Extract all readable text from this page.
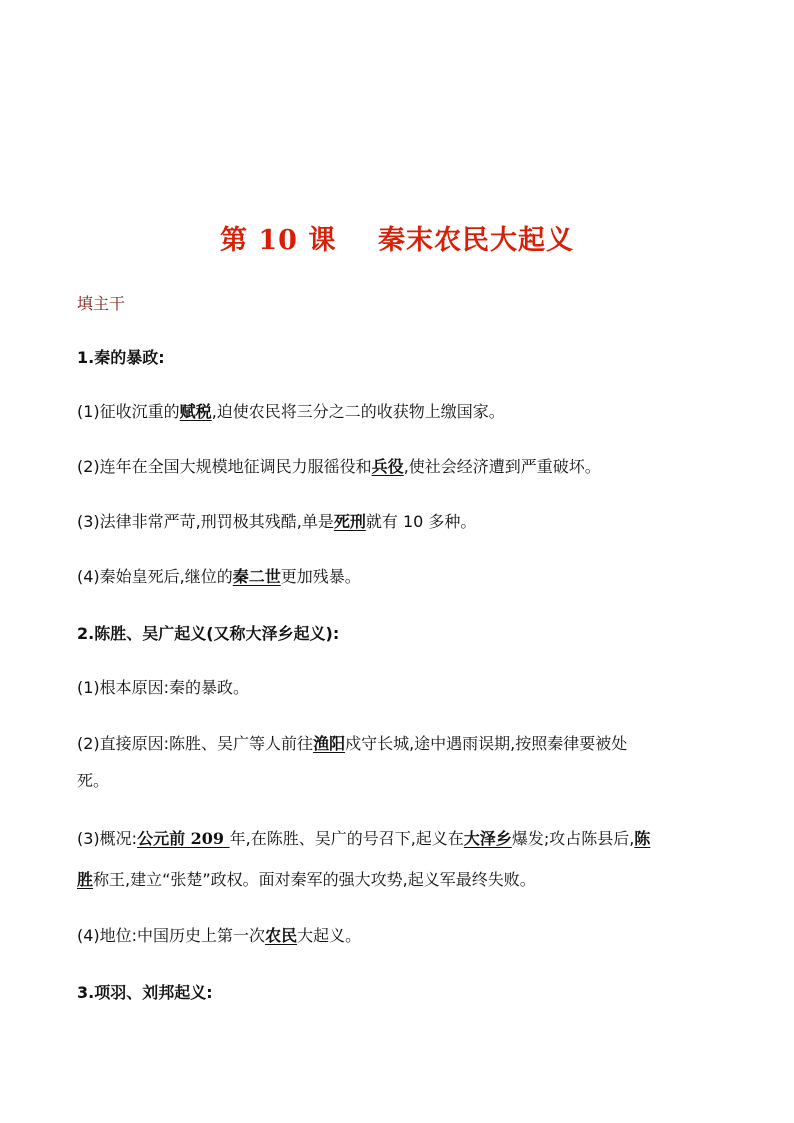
第 10 课    秦末农民大起义
填主干
1.秦的暴政:
(1)征收沉重的赋税,迫使农民将三分之二的收获物上缴国家。
(2)连年在全国大规模地征调民力服徭役和兵役,使社会经济遭到严重破坏。
(3)法律非常严苛,刑罚极其残酷,单是死刑就有 10 多种。
(4)秦始皇死后,继位的秦二世更加残暴。
2.陈胜、吴广起义(又称大泽乡起义):
(1)根本原因:秦的暴政。
(2)直接原因:陈胜、吴广等人前往渔阳戍守长城,途中遇雨误期,按照秦律要被处
死。
(3)概况:公元前 209 年,在陈胜、吴广的号召下,起义在大泽乡爆发;攻占陈县后,陈
胜称王,建立“张楚”政权。面对秦军的强大攻势,起义军最终失败。
(4)地位:中国历史上第一次农民大起义。
3.项羽、刘邦起义:
